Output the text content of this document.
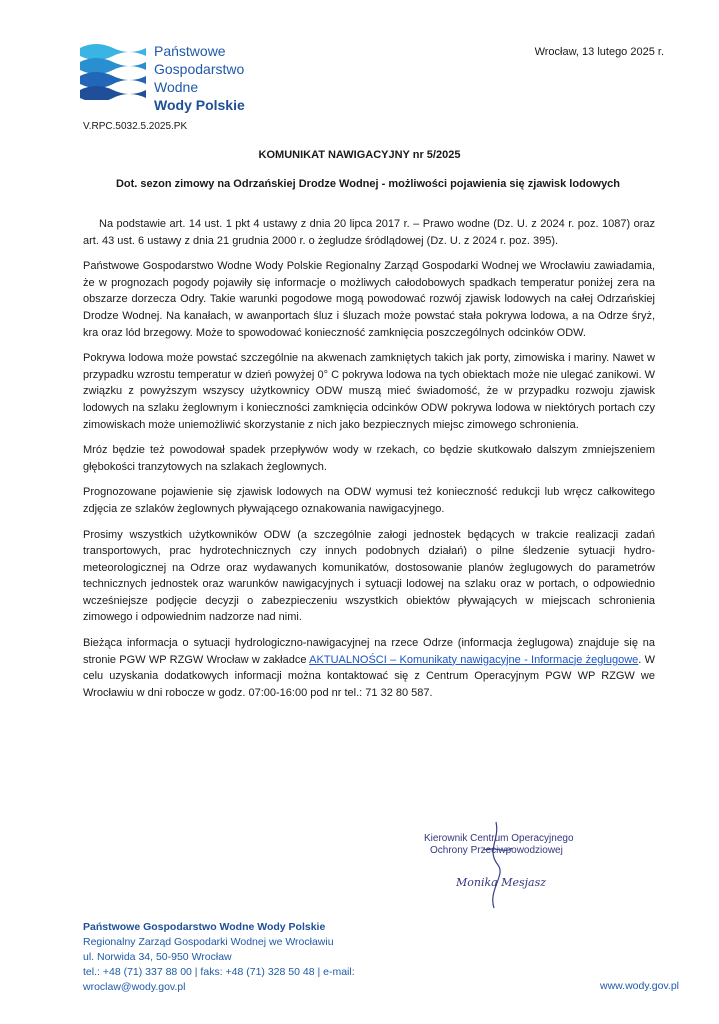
Państwowe
Gospodarstwo Wodne
Wody Polskie
Wrocław, 13 lutego 2025 r.
V.RPC.5032.5.2025.PK
KOMUNIKAT NAWIGACYJNY nr 5/2025
Dot. sezon zimowy na Odrzańskiej Drodze Wodnej - możliwości pojawienia się zjawisk lodowych

Na podstawie art. 14 ust. 1 pkt 4 ustawy z dnia 20 lipca 2017 r. – Prawo wodne (Dz. U. z 2024 r. poz. 1087) oraz art. 43 ust. 6 ustawy z dnia 21 grudnia 2000 r. o żegludze śródlądowej (Dz. U. z 2024 r. poz. 395).

Państwowe Gospodarstwo Wodne Wody Polskie Regionalny Zarząd Gospodarki Wodnej we Wrocławiu zawiadamia, że w prognozach pogody pojawiły się informacje o możliwych całodobowych spadkach temperatur poniżej zera na obszarze dorzecza Odry. Takie warunki pogodowe mogą powodować rozwój zjawisk lodowych na całej Odrzańskiej Drodze Wodnej. Na kanałach, w awanportach śluz i śluzach może powstać stała pokrywa lodowa, a na Odrze śryż, kra oraz lód brzegowy. Może to spowodować konieczność zamknięcia poszczególnych odcinków ODW.

Pokrywa lodowa może powstać szczególnie na akwenach zamkniętych takich jak porty, zimowiska i mariny. Nawet w przypadku wzrostu temperatur w dzień powyżej 0° C pokrywa lodowa na tych obiektach może nie ulegać zanikowi. W związku z powyższym wszyscy użytkownicy ODW muszą mieć świadomość, że w przypadku rozwoju zjawisk lodowych na szlaku żeglownym i konieczności zamknięcia odcinków ODW pokrywa lodowa w niektórych portach czy zimowiskach może uniemożliwić skorzystanie z nich jako bezpiecznych miejsc zimowego schronienia.

Mróz będzie też powodował spadek przepływów wody w rzekach, co będzie skutkowało dalszym zmniejszeniem głębokości tranzytowych na szlakach żeglownych.

Prognozowane pojawienie się zjawisk lodowych na ODW wymusi też konieczność redukcji lub wręcz całkowitego zdjęcia ze szlaków żeglownych pływającego oznakowania nawigacyjnego.

Prosimy wszystkich użytkowników ODW (a szczególnie załogi jednostek będących w trakcie realizacji zadań transportowych, prac hydrotechnicznych czy innych podobnych działań) o pilne śledzenie sytuacji hydro-meteorologicznej na Odrze oraz wydawanych komunikatów, dostosowanie planów żeglugowych do parametrów technicznych jednostek oraz warunków nawigacyjnych i sytuacji lodowej na szlaku oraz w portach, o odpowiednio wcześniejsze podjęcie decyzji o zabezpieczeniu wszystkich obiektów pływających w miejscach schronienia zimowego i odpowiednim nadzorze nad nimi.

Bieżąca informacja o sytuacji hydrologiczno-nawigacyjnej na rzece Odrze (informacja żeglugowa) znajduje się na stronie PGW WP RZGW Wrocław w zakładce AKTUALNOŚCI – Komunikaty nawigacyjne - Informacje żeglugowe. W celu uzyskania dodatkowych informacji można kontaktować się z Centrum Operacyjnym PGW WP RZGW we Wrocławiu w dni robocze w godz. 07:00-16:00 pod nr tel.: 71 32 80 587.

Kierownik Centrum Operacyjnego
Ochrony Przeciwpowodziowej
Monika Mesjasz
Państwowe Gospodarstwo Wodne Wody Polskie
Regionalny Zarząd Gospodarki Wodnej we Wrocławiu
ul. Norwida 34, 50-950 Wrocław
tel.: +48 (71) 337 88 00 | faks: +48 (71) 328 50 48 | e-mail:
wroclaw@wody.gov.pl	www.wody.gov.pl
